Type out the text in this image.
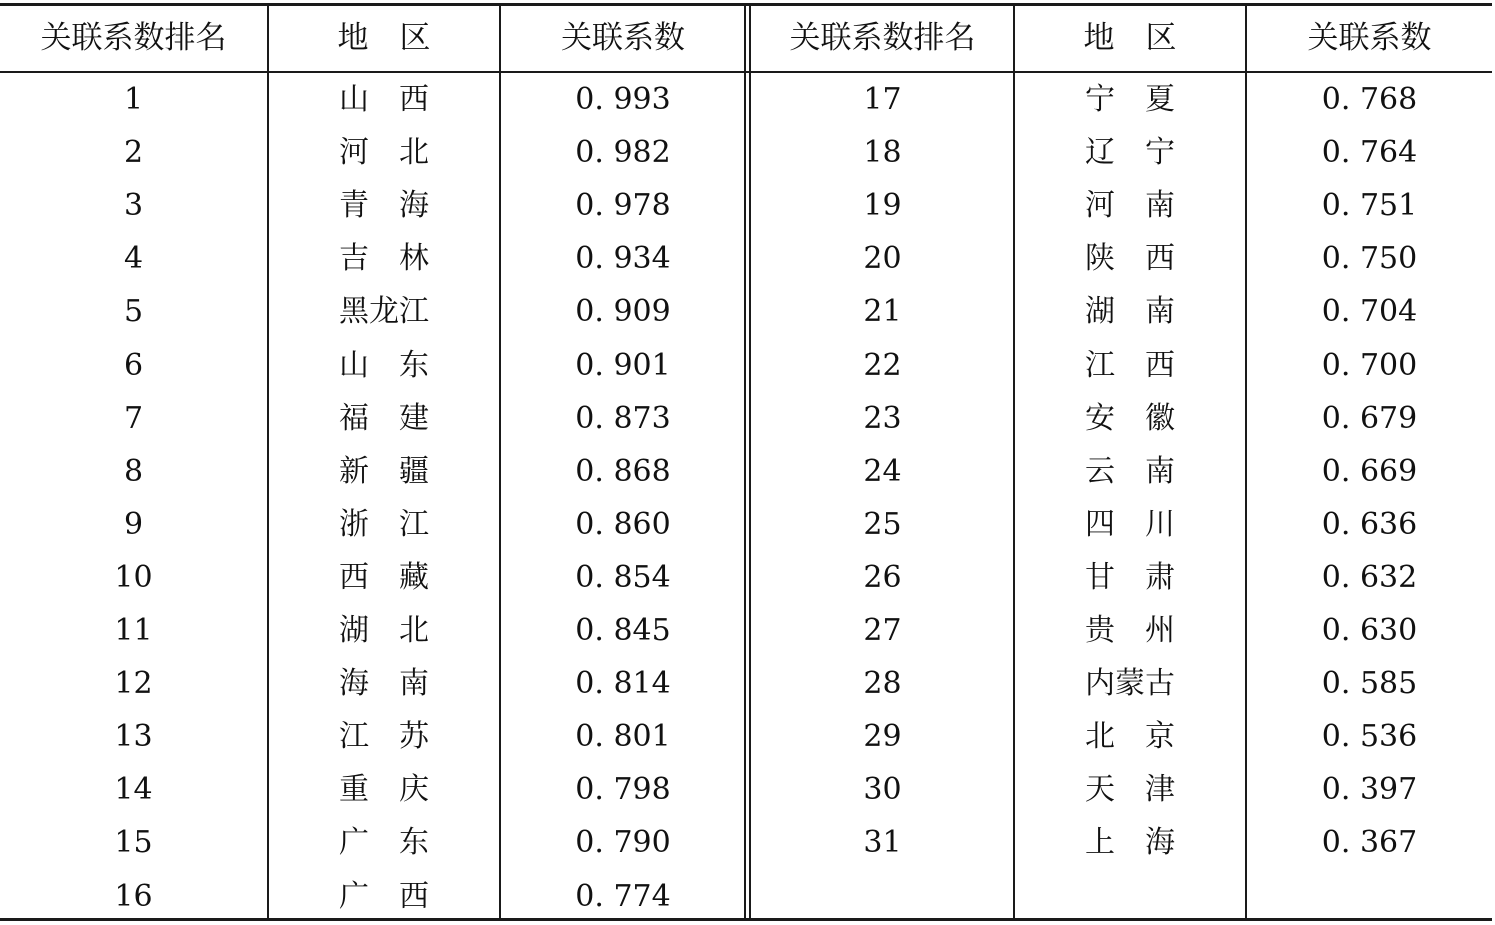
关联系数排名	地　区	关联系数
1	山　西	0. 993
2	河　北	0. 982
3	青　海	0. 978
4	吉　林	0. 934
5	黑龙江	0. 909
6	山　东	0. 901
7	福　建	0. 873
8	新　疆	0. 868
9	浙　江	0. 860
10	西　藏	0. 854
11	湖　北	0. 845
12	海　南	0. 814
13	江　苏	0. 801
14	重　庆	0. 798
15	广　东	0. 790
16	广　西	0. 774
关联系数排名	地　区	关联系数
17	宁　夏	0. 768
18	辽　宁	0. 764
19	河　南	0. 751
20	陕　西	0. 750
21	湖　南	0. 704
22	江　西	0. 700
23	安　徽	0. 679
24	云　南	0. 669
25	四　川	0. 636
26	甘　肃	0. 632
27	贵　州	0. 630
28	内蒙古	0. 585
29	北　京	0. 536
30	天　津	0. 397
31	上　海	0. 367
